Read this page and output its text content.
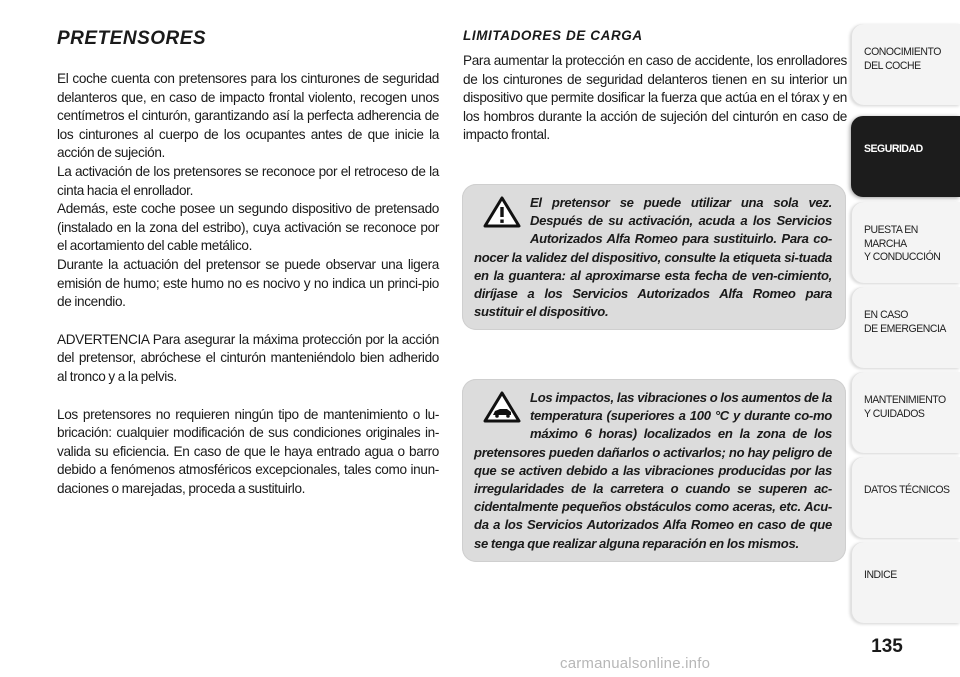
PRETENSORES

El coche cuenta con pretensores para los cinturones de seguridad delanteros que, en caso de impacto frontal violento, recogen unos centímetros el cinturón, garantizando así la perfecta adherencia de los cinturones al cuerpo de los ocupantes antes de que inicie la acción de sujeción.

La activación de los pretensores se reconoce por el retroceso de la cinta hacia el enrollador.

Además, este coche posee un segundo dispositivo de pretensado (instalado en la zona del estribo), cuya activación se reconoce por el acortamiento del cable metálico.

Durante la actuación del pretensor se puede observar una ligera emisión de humo; este humo no es nocivo y no indica un princi-pio de incendio.

ADVERTENCIA Para asegurar la máxima protección por la acción del pretensor, abróchese el cinturón manteniéndolo bien adherido al tronco y a la pelvis.

Los pretensores no requieren ningún tipo de mantenimiento o lu-bricación: cualquier modificación de sus condiciones originales in-valida su eficiencia. En caso de que le haya entrado agua o barro debido a fenómenos atmosféricos excepcionales, tales como inun-daciones o marejadas, proceda a sustituirlo.

LIMITADORES DE CARGA

Para aumentar la protección en caso de accidente, los enrolladores de los cinturones de seguridad delanteros tienen en su interior un dispositivo que permite dosificar la fuerza que actúa en el tórax y en los hombros durante la acción de sujeción del cinturón en caso de impacto frontal.

El pretensor se puede utilizar una sola vez. Después de su activación, acuda a los Servicios Autorizados Alfa Romeo para sustituirlo. Para co-nocer la validez del dispositivo, consulte la etiqueta si-tuada en la guantera: al aproximarse esta fecha de ven-cimiento, diríjase a los Servicios Autorizados Alfa Romeo para sustituir el dispositivo.
Los impactos, las vibraciones o los aumentos de la temperatura (superiores a 100 °C y durante co-mo máximo 6 horas) localizados en la zona de los pretensores pueden dañarlos o activarlos; no hay peligro de que se activen debido a las vibraciones producidas por las irregularidades de la carretera o cuando se superen ac-cidentalmente pequeños obstáculos como aceras, etc. Acu-da a los Servicios Autorizados Alfa Romeo en caso de que se tenga que realizar alguna reparación en los mismos.
CONOCIMIENTO
DEL COCHE
SEGURIDAD
PUESTA EN MARCHA
Y CONDUCCIÓN
EN CASO
DE EMERGENCIA
MANTENIMIENTO
Y CUIDADOS
DATOS TÉCNICOS
INDICE
135
carmanualsonline.info
